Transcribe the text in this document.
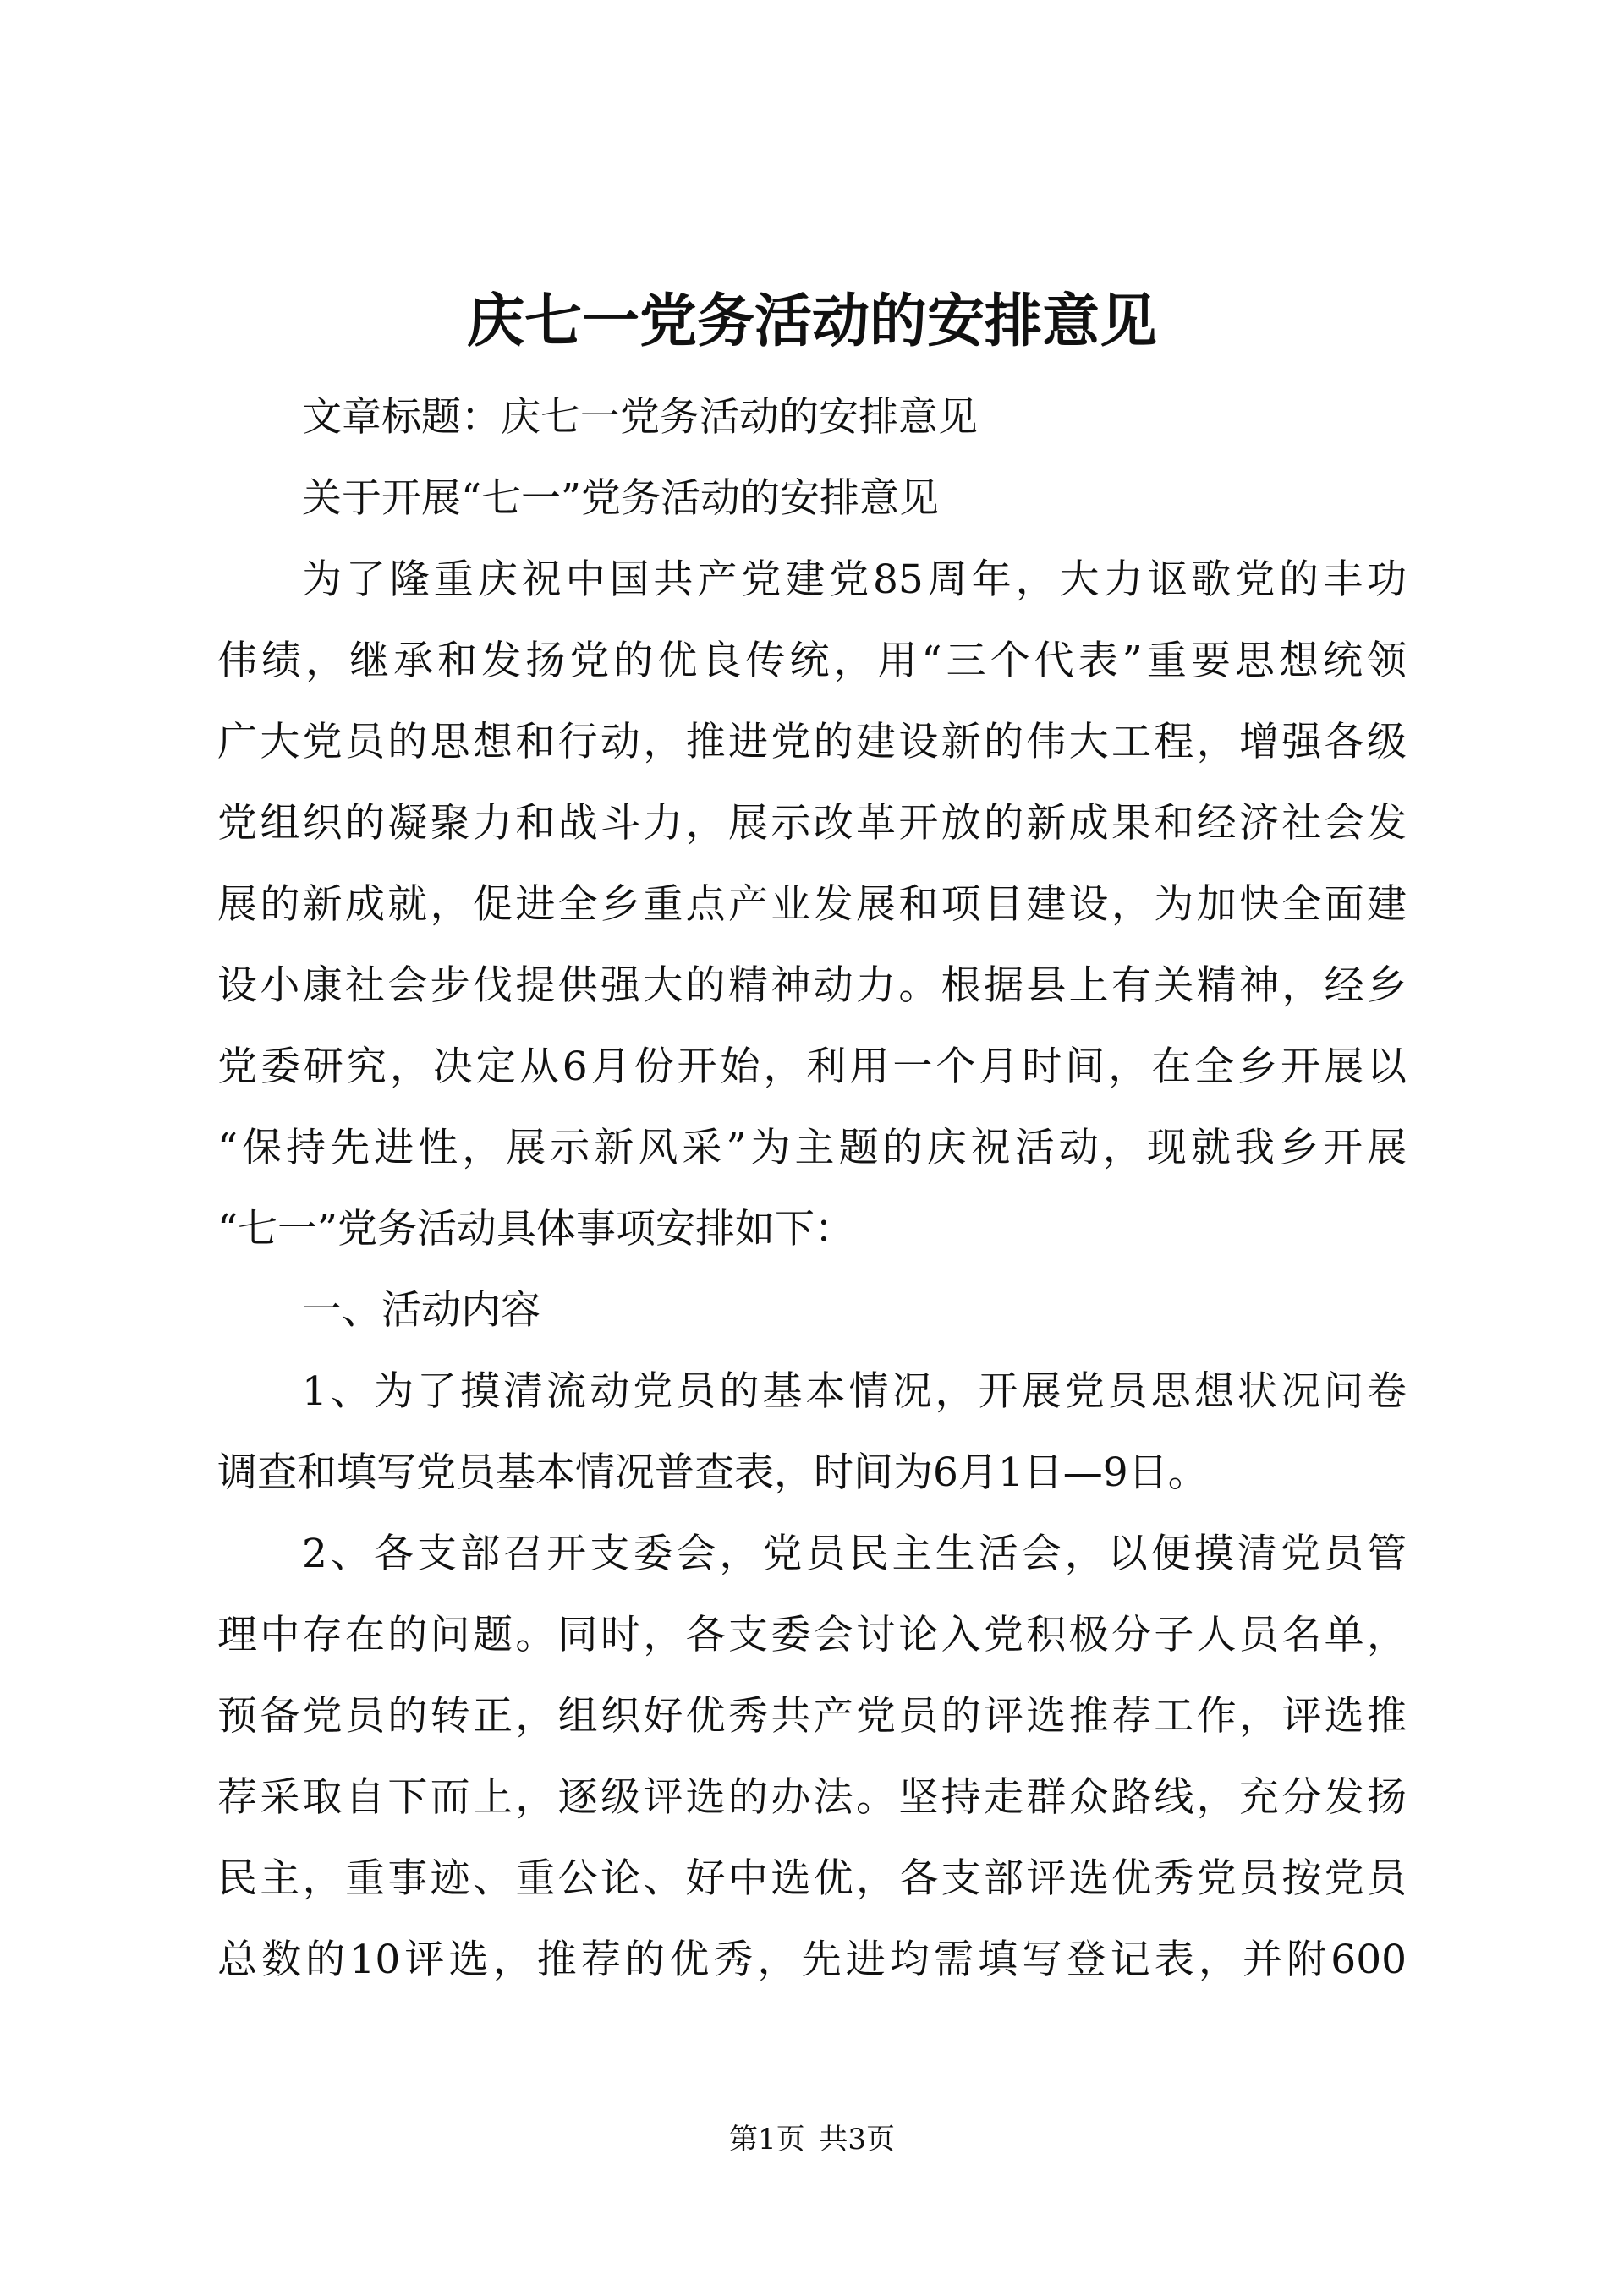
庆七一党务活动的安排意见
文章标题：庆七一党务活动的安排意见
关于开展“七一”党务活动的安排意见
为了隆重庆祝中国共产党建党85周年，大力讴歌党的丰功
伟绩，继承和发扬党的优良传统，用“三个代表”重要思想统领
广大党员的思想和行动，推进党的建设新的伟大工程，增强各级
党组织的凝聚力和战斗力，展示改革开放的新成果和经济社会发
展的新成就，促进全乡重点产业发展和项目建设，为加快全面建
设小康社会步伐提供强大的精神动力。根据县上有关精神，经乡
党委研究，决定从6月份开始，利用一个月时间，在全乡开展以
“保持先进性，展示新风采”为主题的庆祝活动，现就我乡开展
“七一”党务活动具体事项安排如下：
一、活动内容
1、为了摸清流动党员的基本情况，开展党员思想状况问卷
调查和填写党员基本情况普查表，时间为6月1日—9日。
2、各支部召开支委会，党员民主生活会，以便摸清党员管
理中存在的问题。同时，各支委会讨论入党积极分子人员名单，
预备党员的转正，组织好优秀共产党员的评选推荐工作，评选推
荐采取自下而上，逐级评选的办法。坚持走群众路线，充分发扬
民主，重事迹、重公论、好中选优，各支部评选优秀党员按党员
总数的10评选，推荐的优秀，先进均需填写登记表，并附600
第1页 共3页
